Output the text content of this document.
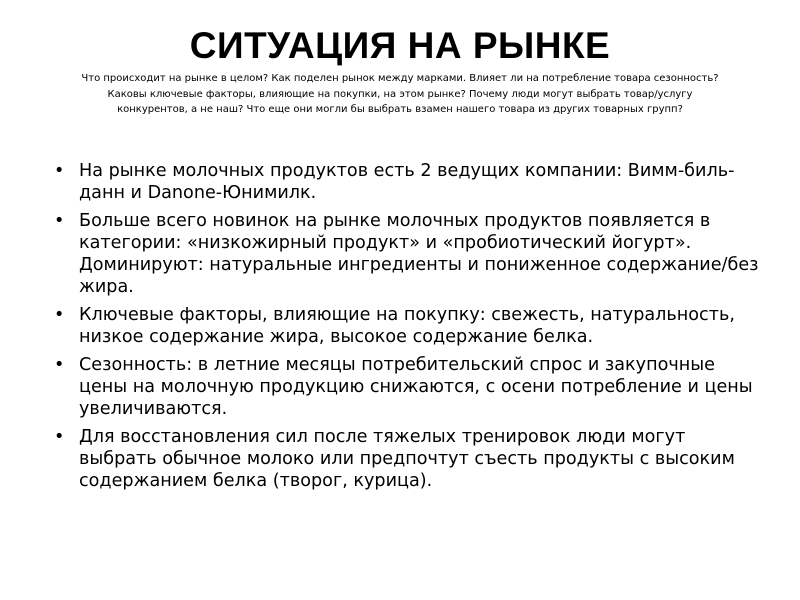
СИТУАЦИЯ НА РЫНКЕ

Что происходит на рынке в целом? Как поделен рынок между марками. Влияет ли на потребление товара сезонность? Каковы ключевые факторы, влияющие на покупки, на этом рынке? Почему люди могут выбрать товар/услугу конкурентов, а не наш? Что еще они могли бы выбрать взамен нашего товара из других товарных групп?

• На рынке молочных продуктов есть 2 ведущих компании: Вимм-биль-данн и Danone-Юнимилк.
• Больше всего новинок на рынке молочных продуктов появляется в категории: «низкожирный продукт» и «пробиотический йогурт». Доминируют: натуральные ингредиенты и пониженное содержание/без жира.
• Ключевые факторы, влияющие на покупку: свежесть, натуральность, низкое содержание жира, высокое содержание белка.
• Сезонность: в летние месяцы потребительский спрос и закупочные цены на молочную продукцию снижаются, с осени потребление и цены увеличиваются.
• Для восстановления сил после тяжелых тренировок люди могут выбрать обычное молоко или предпочтут съесть продукты с высоким содержанием белка (творог, курица).
